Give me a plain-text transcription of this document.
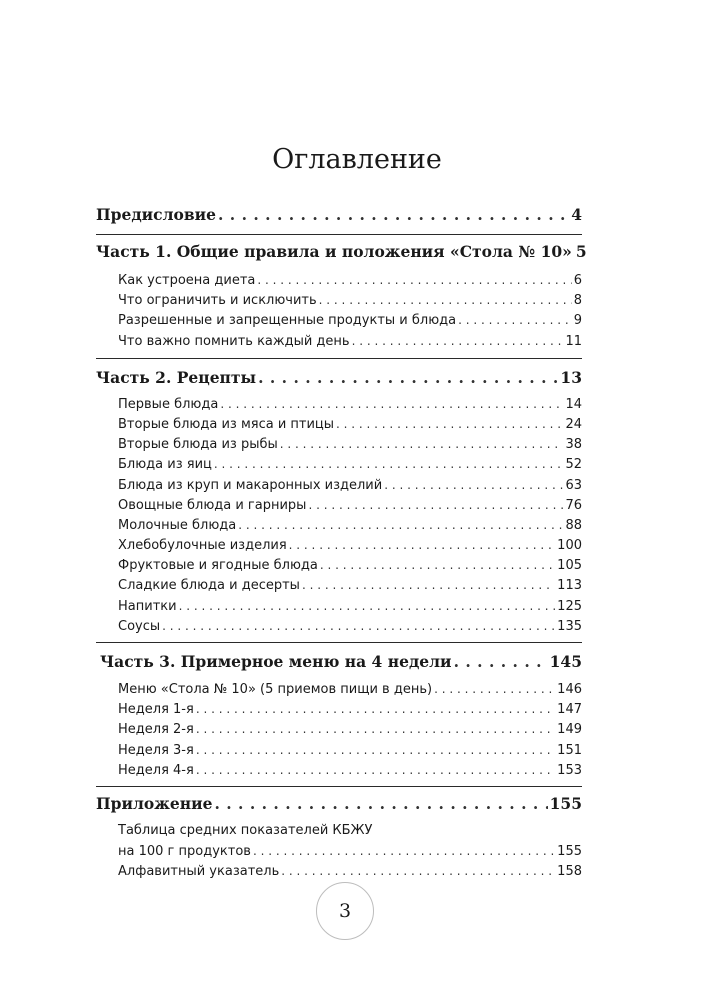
Оглавление
Предисловие . . .	4
Часть 1. Общие правила и положения «Стола № 10» 5
Как устроена диета . . .	6
Что ограничить и исключить . . .	8
Разрешенные и запрещенные продукты и блюда . . .	9
Что важно помнить каждый день . . .	11
Часть 2. Рецепты . . .	13
Первые блюда . . .	14
Вторые блюда из мяса и птицы . . .	24
Вторые блюда из рыбы . . .	38
Блюда из яиц . . .	52
Блюда из круп и макаронных изделий . . .	63
Овощные блюда и гарниры . . .	76
Молочные блюда . . .	88
Хлебобулочные изделия . . .	100
Фруктовые и ягодные блюда . . .	105
Сладкие блюда и десерты . . .	113
Напитки . . .	125
Соусы . . .	135
Часть 3. Примерное меню на 4 недели . . .	145
Меню «Стола № 10» (5 приемов пищи в день) . . .	146
Неделя 1-я . . .	147
Неделя 2-я . . .	149
Неделя 3-я . . .	151
Неделя 4-я . . .	153
Приложение . . .	155
Таблица средних показателей КБЖУ
на 100 г продуктов . . .	155
Алфавитный указатель . . .	158
3
